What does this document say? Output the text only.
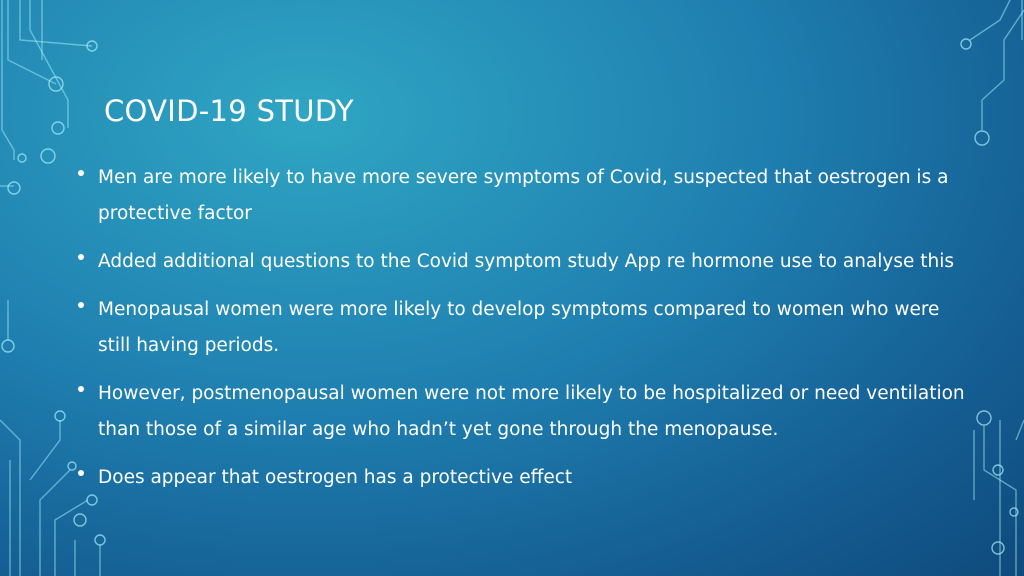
COVID-19 STUDY
Men are more likely to have more severe symptoms of Covid, suspected that oestrogen is a protective factor
Added additional questions to the Covid symptom study App re hormone use to analyse this
Menopausal women were more likely to develop symptoms compared to women who were still having periods.
However, postmenopausal women were not more likely to be hospitalized or need ventilation than those of a similar age who hadn’t yet gone through the menopause.
Does appear that oestrogen has a protective effect
